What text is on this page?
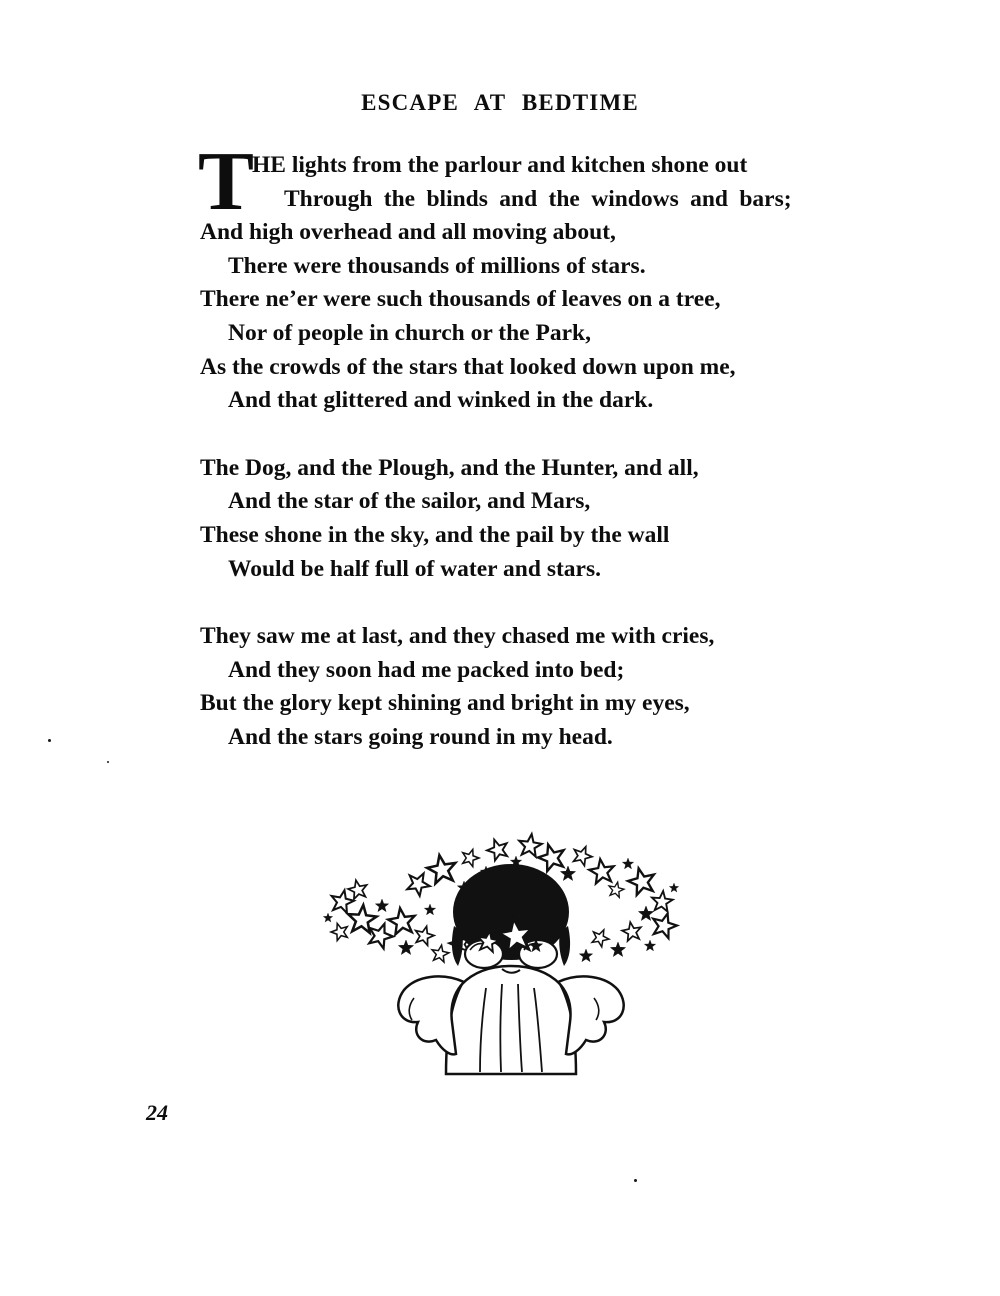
ESCAPE AT BEDTIME
T
HE lights from the parlour and kitchen shone out
Through the blinds and the windows and bars;
And high overhead and all moving about,
There were thousands of millions of stars.
There ne’er were such thousands of leaves on a tree,
Nor of people in church or the Park,
As the crowds of the stars that looked down upon me,
And that glittered and winked in the dark.
The Dog, and the Plough, and the Hunter, and all,
And the star of the sailor, and Mars,
These shone in the sky, and the pail by the wall
Would be half full of water and stars.
They saw me at last, and they chased me with cries,
And they soon had me packed into bed;
But the glory kept shining and bright in my eyes,
And the stars going round in my head.
24
